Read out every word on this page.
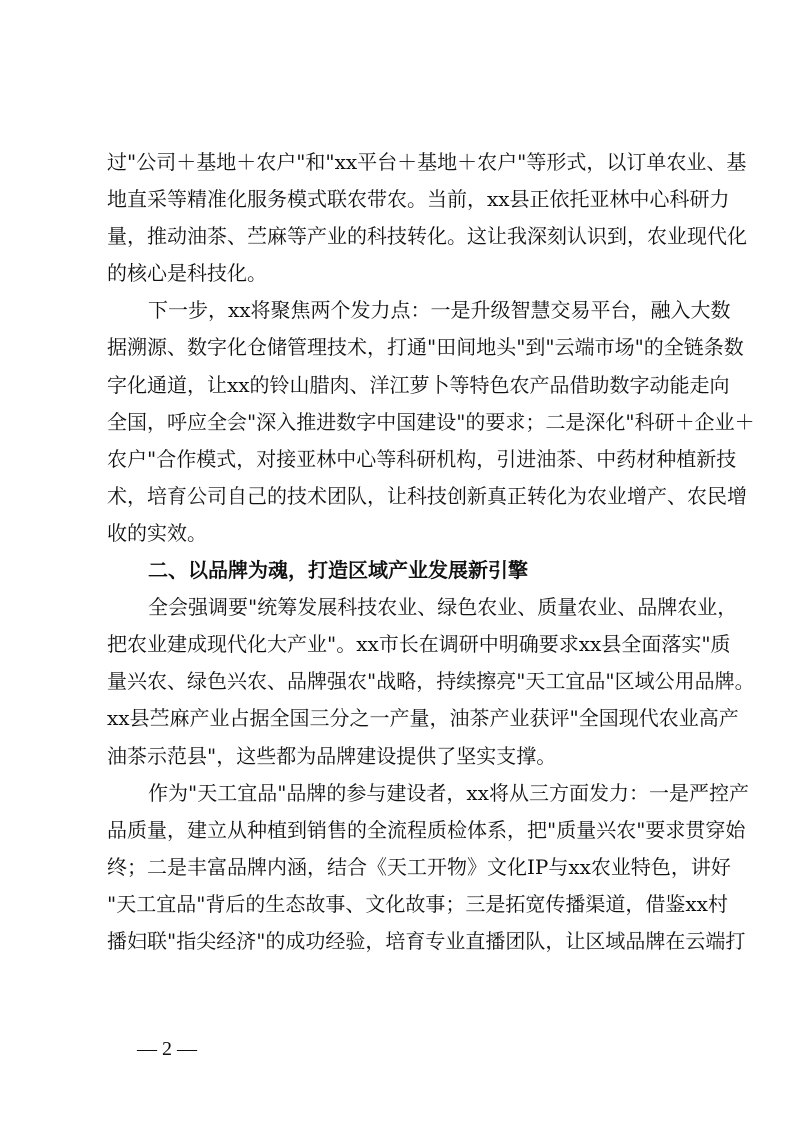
过"公司＋基地＋农户"和"xx平台＋基地＋农户"等形式，以订单农业、基
地直采等精准化服务模式联农带农。当前，xx县正依托亚林中心科研力
量，推动油茶、苎麻等产业的科技转化。这让我深刻认识到，农业现代化
的核心是科技化。
下一步，xx将聚焦两个发力点：一是升级智慧交易平台，融入大数
据溯源、数字化仓储管理技术，打通"田间地头"到"云端市场"的全链条数
字化通道，让xx的铃山腊肉、洋江萝卜等特色农产品借助数字动能走向
全国，呼应全会"深入推进数字中国建设"的要求；二是深化"科研＋企业＋
农户"合作模式，对接亚林中心等科研机构，引进油茶、中药材种植新技
术，培育公司自己的技术团队，让科技创新真正转化为农业增产、农民增
收的实效。
二、以品牌为魂，打造区域产业发展新引擎
全会强调要"统筹发展科技农业、绿色农业、质量农业、品牌农业，
把农业建成现代化大产业"。xx市长在调研中明确要求xx县全面落实"质
量兴农、绿色兴农、品牌强农"战略，持续擦亮"天工宜品"区域公用品牌。
xx县苎麻产业占据全国三分之一产量，油茶产业获评"全国现代农业高产
油茶示范县"，这些都为品牌建设提供了坚实支撑。
作为"天工宜品"品牌的参与建设者，xx将从三方面发力：一是严控产
品质量，建立从种植到销售的全流程质检体系，把"质量兴农"要求贯穿始
终；二是丰富品牌内涵，结合《天工开物》文化IP与xx农业特色，讲好
"天工宜品"背后的生态故事、文化故事；三是拓宽传播渠道，借鉴xx村
播妇联"指尖经济"的成功经验，培育专业直播团队，让区域品牌在云端打
— 2 —
